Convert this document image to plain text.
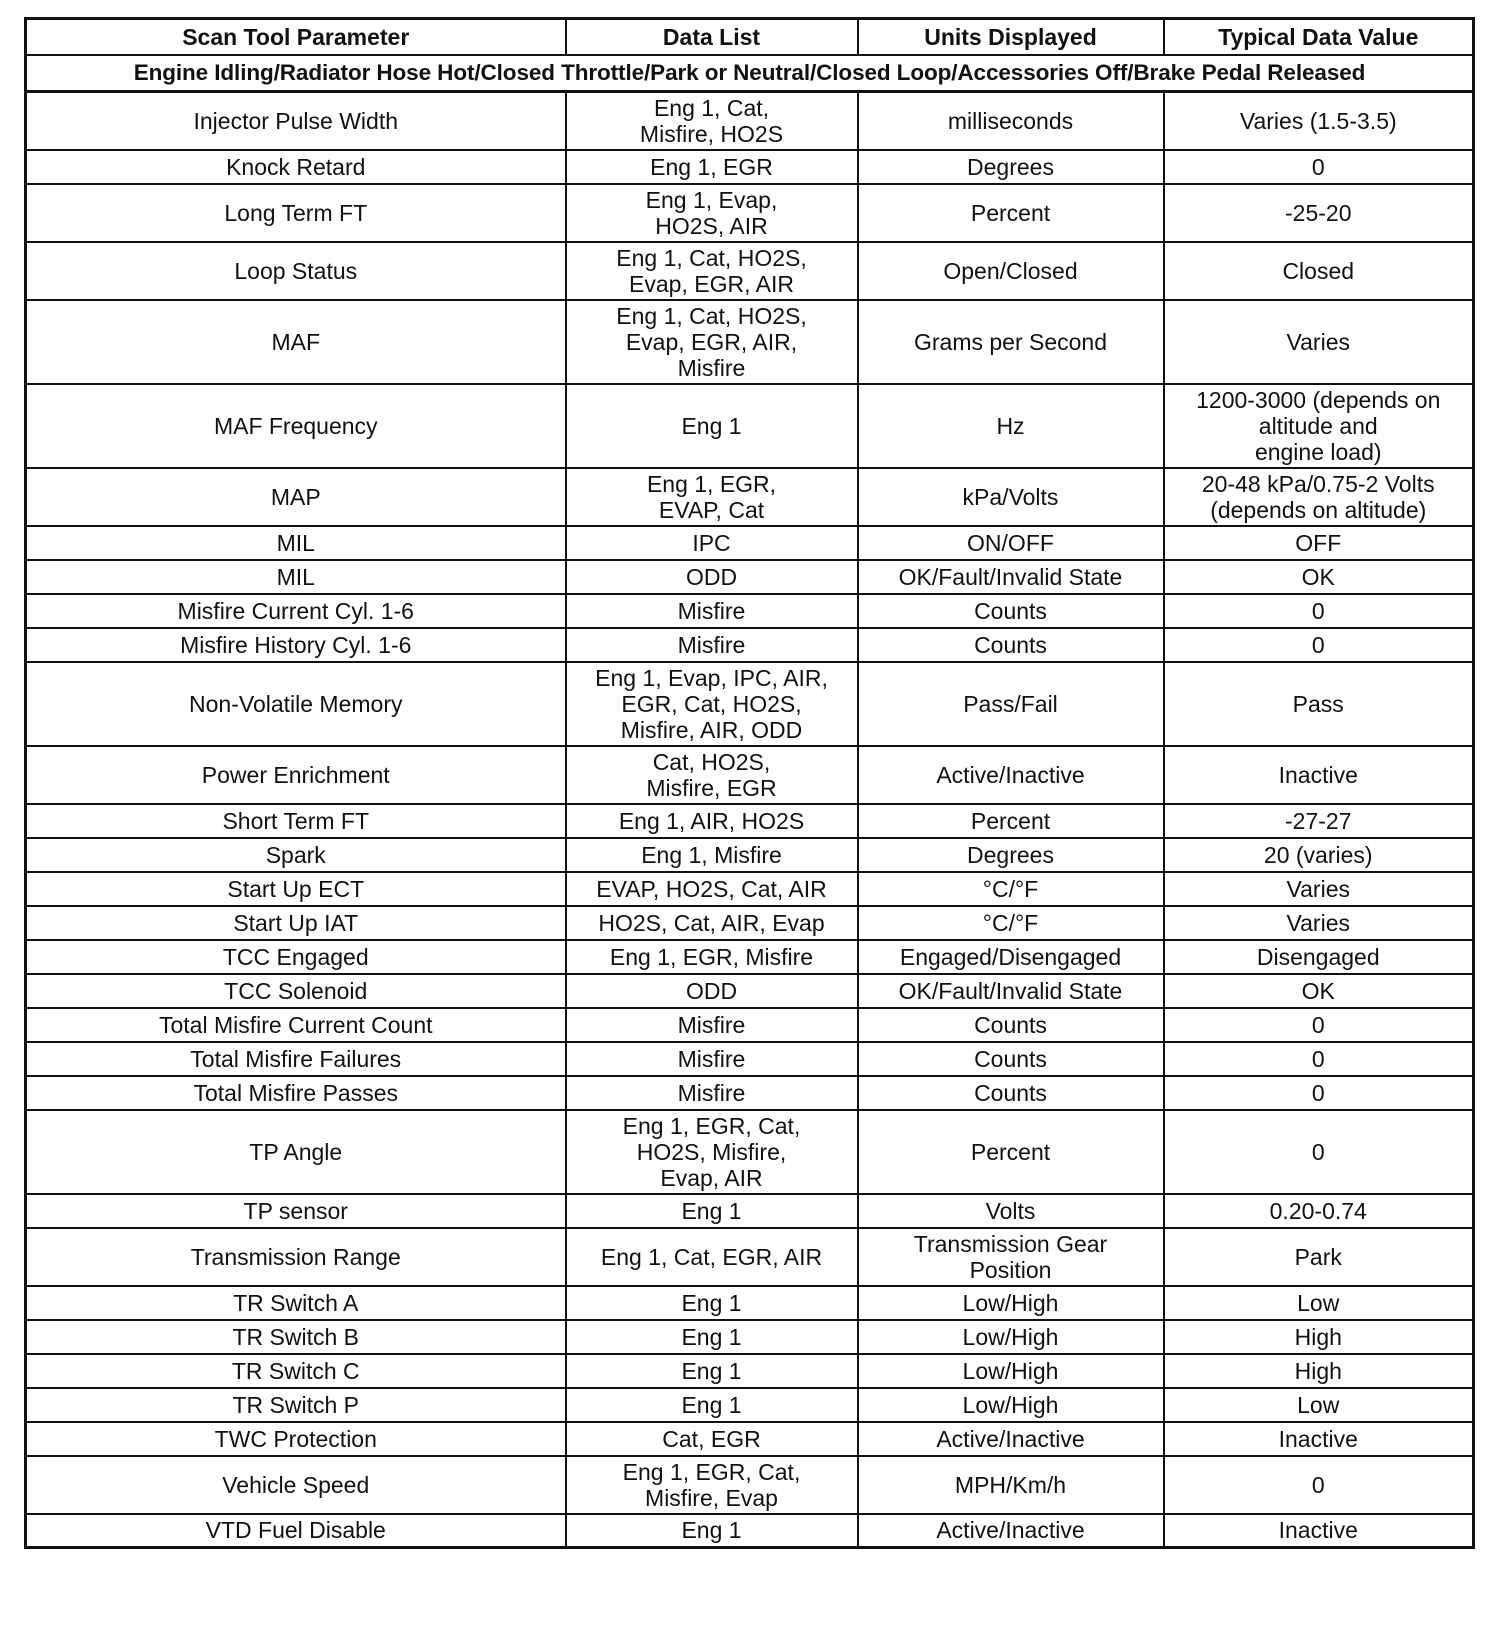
Scan Tool Parameter	Data List	Units Displayed	Typical Data Value
Engine Idling/Radiator Hose Hot/Closed Throttle/Park or Neutral/Closed Loop/Accessories Off/Brake Pedal Released			

Injector Pulse Width	Eng 1, Cat,
Misfire, HO2S	milliseconds	Varies (1.5-3.5)

Knock Retard	Eng 1, EGR	Degrees	0

Long Term FT	Eng 1, Evap,
HO2S, AIR	Percent	-25-20

Loop Status	Eng 1, Cat, HO2S,
Evap, EGR, AIR	Open/Closed	Closed

MAF	Eng 1, Cat, HO2S,
Evap, EGR, AIR,
Misfire	Grams per Second	Varies

MAF Frequency	Eng 1	Hz	1200-3000 (depends on
altitude and
engine load)

MAP	Eng 1, EGR,
EVAP, Cat	kPa/Volts	20-48 kPa/0.75-2 Volts
(depends on altitude)

MIL	IPC	ON/OFF	OFF

MIL	ODD	OK/Fault/Invalid State	OK

Misfire Current Cyl. 1-6	Misfire	Counts	0

Misfire History Cyl. 1-6	Misfire	Counts	0

Non-Volatile Memory	Eng 1, Evap, IPC, AIR,
EGR, Cat, HO2S,
Misfire, AIR, ODD	Pass/Fail	Pass

Power Enrichment	Cat, HO2S,
Misfire, EGR	Active/Inactive	Inactive

Short Term FT	Eng 1, AIR, HO2S	Percent	-27-27

Spark	Eng 1, Misfire	Degrees	20 (varies)

Start Up ECT	EVAP, HO2S, Cat, AIR	°C/°F	Varies

Start Up IAT	HO2S, Cat, AIR, Evap	°C/°F	Varies

TCC Engaged	Eng 1, EGR, Misfire	Engaged/Disengaged	Disengaged

TCC Solenoid	ODD	OK/Fault/Invalid State	OK

Total Misfire Current Count	Misfire	Counts	0

Total Misfire Failures	Misfire	Counts	0

Total Misfire Passes	Misfire	Counts	0

TP Angle	Eng 1, EGR, Cat,
HO2S, Misfire,
Evap, AIR	Percent	0

TP sensor	Eng 1	Volts	0.20-0.74

Transmission Range	Eng 1, Cat, EGR, AIR	Transmission Gear
Position	Park

TR Switch A	Eng 1	Low/High	Low

TR Switch B	Eng 1	Low/High	High

TR Switch C	Eng 1	Low/High	High

TR Switch P	Eng 1	Low/High	Low

TWC Protection	Cat, EGR	Active/Inactive	Inactive

Vehicle Speed	Eng 1, EGR, Cat,
Misfire, Evap	MPH/Km/h	0

VTD Fuel Disable	Eng 1	Active/Inactive	Inactive
